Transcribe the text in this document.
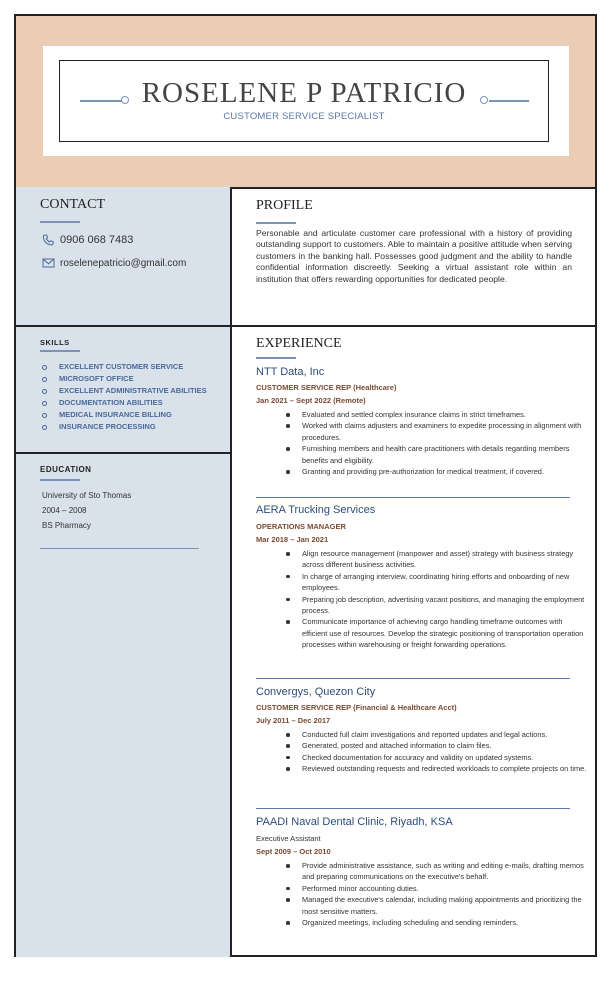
ROSELENE P PATRICIO
CUSTOMER SERVICE SPECIALIST
CONTACT
0906 068 7483
roselenepatricio@gmail.com
SKILLS
EXCELLENT CUSTOMER SERVICE
MICROSOFT OFFICE
EXCELLENT ADMINISTRATIVE ABILITIES
DOCUMENTATION ABILITIES
MEDICAL INSURANCE BILLING
INSURANCE PROCESSING
EDUCATION
University of Sto Thomas
2004 – 2008
BS Pharmacy
PROFILE
Personable and articulate customer care professional with a history of providing outstanding support to customers. Able to maintain a positive attitude when serving customers in the banking hall. Possesses good judgment and the ability to handle confidential information discreetly. Seeking a virtual assistant role within an institution that offers rewarding opportunities for dedicated people.
EXPERIENCE
NTT Data, Inc
CUSTOMER SERVICE REP (Healthcare)
Jan 2021 – Sept 2022 (Remote)
Evaluated and settled complex insurance claims in strict timeframes.
Worked with claims adjusters and examiners to expedite processing in alignment with procedures.
Furnishing members and health care practitioners with details regarding members benefits and eligibility.
Granting and providing pre-authorization for medical treatment, if covered.
AERA Trucking Services
OPERATIONS MANAGER
Mar 2018 – Jan 2021
Align resource management (manpower and asset) strategy with business strategy across different business activities.
In charge of arranging interview, coordinating hiring efforts and onboarding of new employees.
Preparing job description, advertising vacant positions, and managing the employment process.
Communicate importance of achieving cargo handling timeframe outcomes with efficient use of resources. Develop the strategic positioning of transportation operation processes within warehousing or freight forwarding operations.
Convergys, Quezon City
CUSTOMER SERVICE REP (Financial & Healthcare Acct)
July 2011 – Dec 2017
Conducted full claim investigations and reported updates and legal actions.
Generated, posted and attached information to claim files.
Checked documentation for accuracy and validity on updated systems.
Reviewed outstanding requests and redirected workloads to complete projects on time.
PAADI Naval Dental Clinic, Riyadh, KSA
Executive Assistant
Sept 2009 – Oct 2010
Provide administrative assistance, such as writing and editing e-mails, drafting memos and preparing communications on the executive's behalf.
Performed minor accounting duties.
Managed the executive's calendar, including making appointments and prioritizing the most sensitive matters.
Organized meetings, including scheduling and sending reminders.
